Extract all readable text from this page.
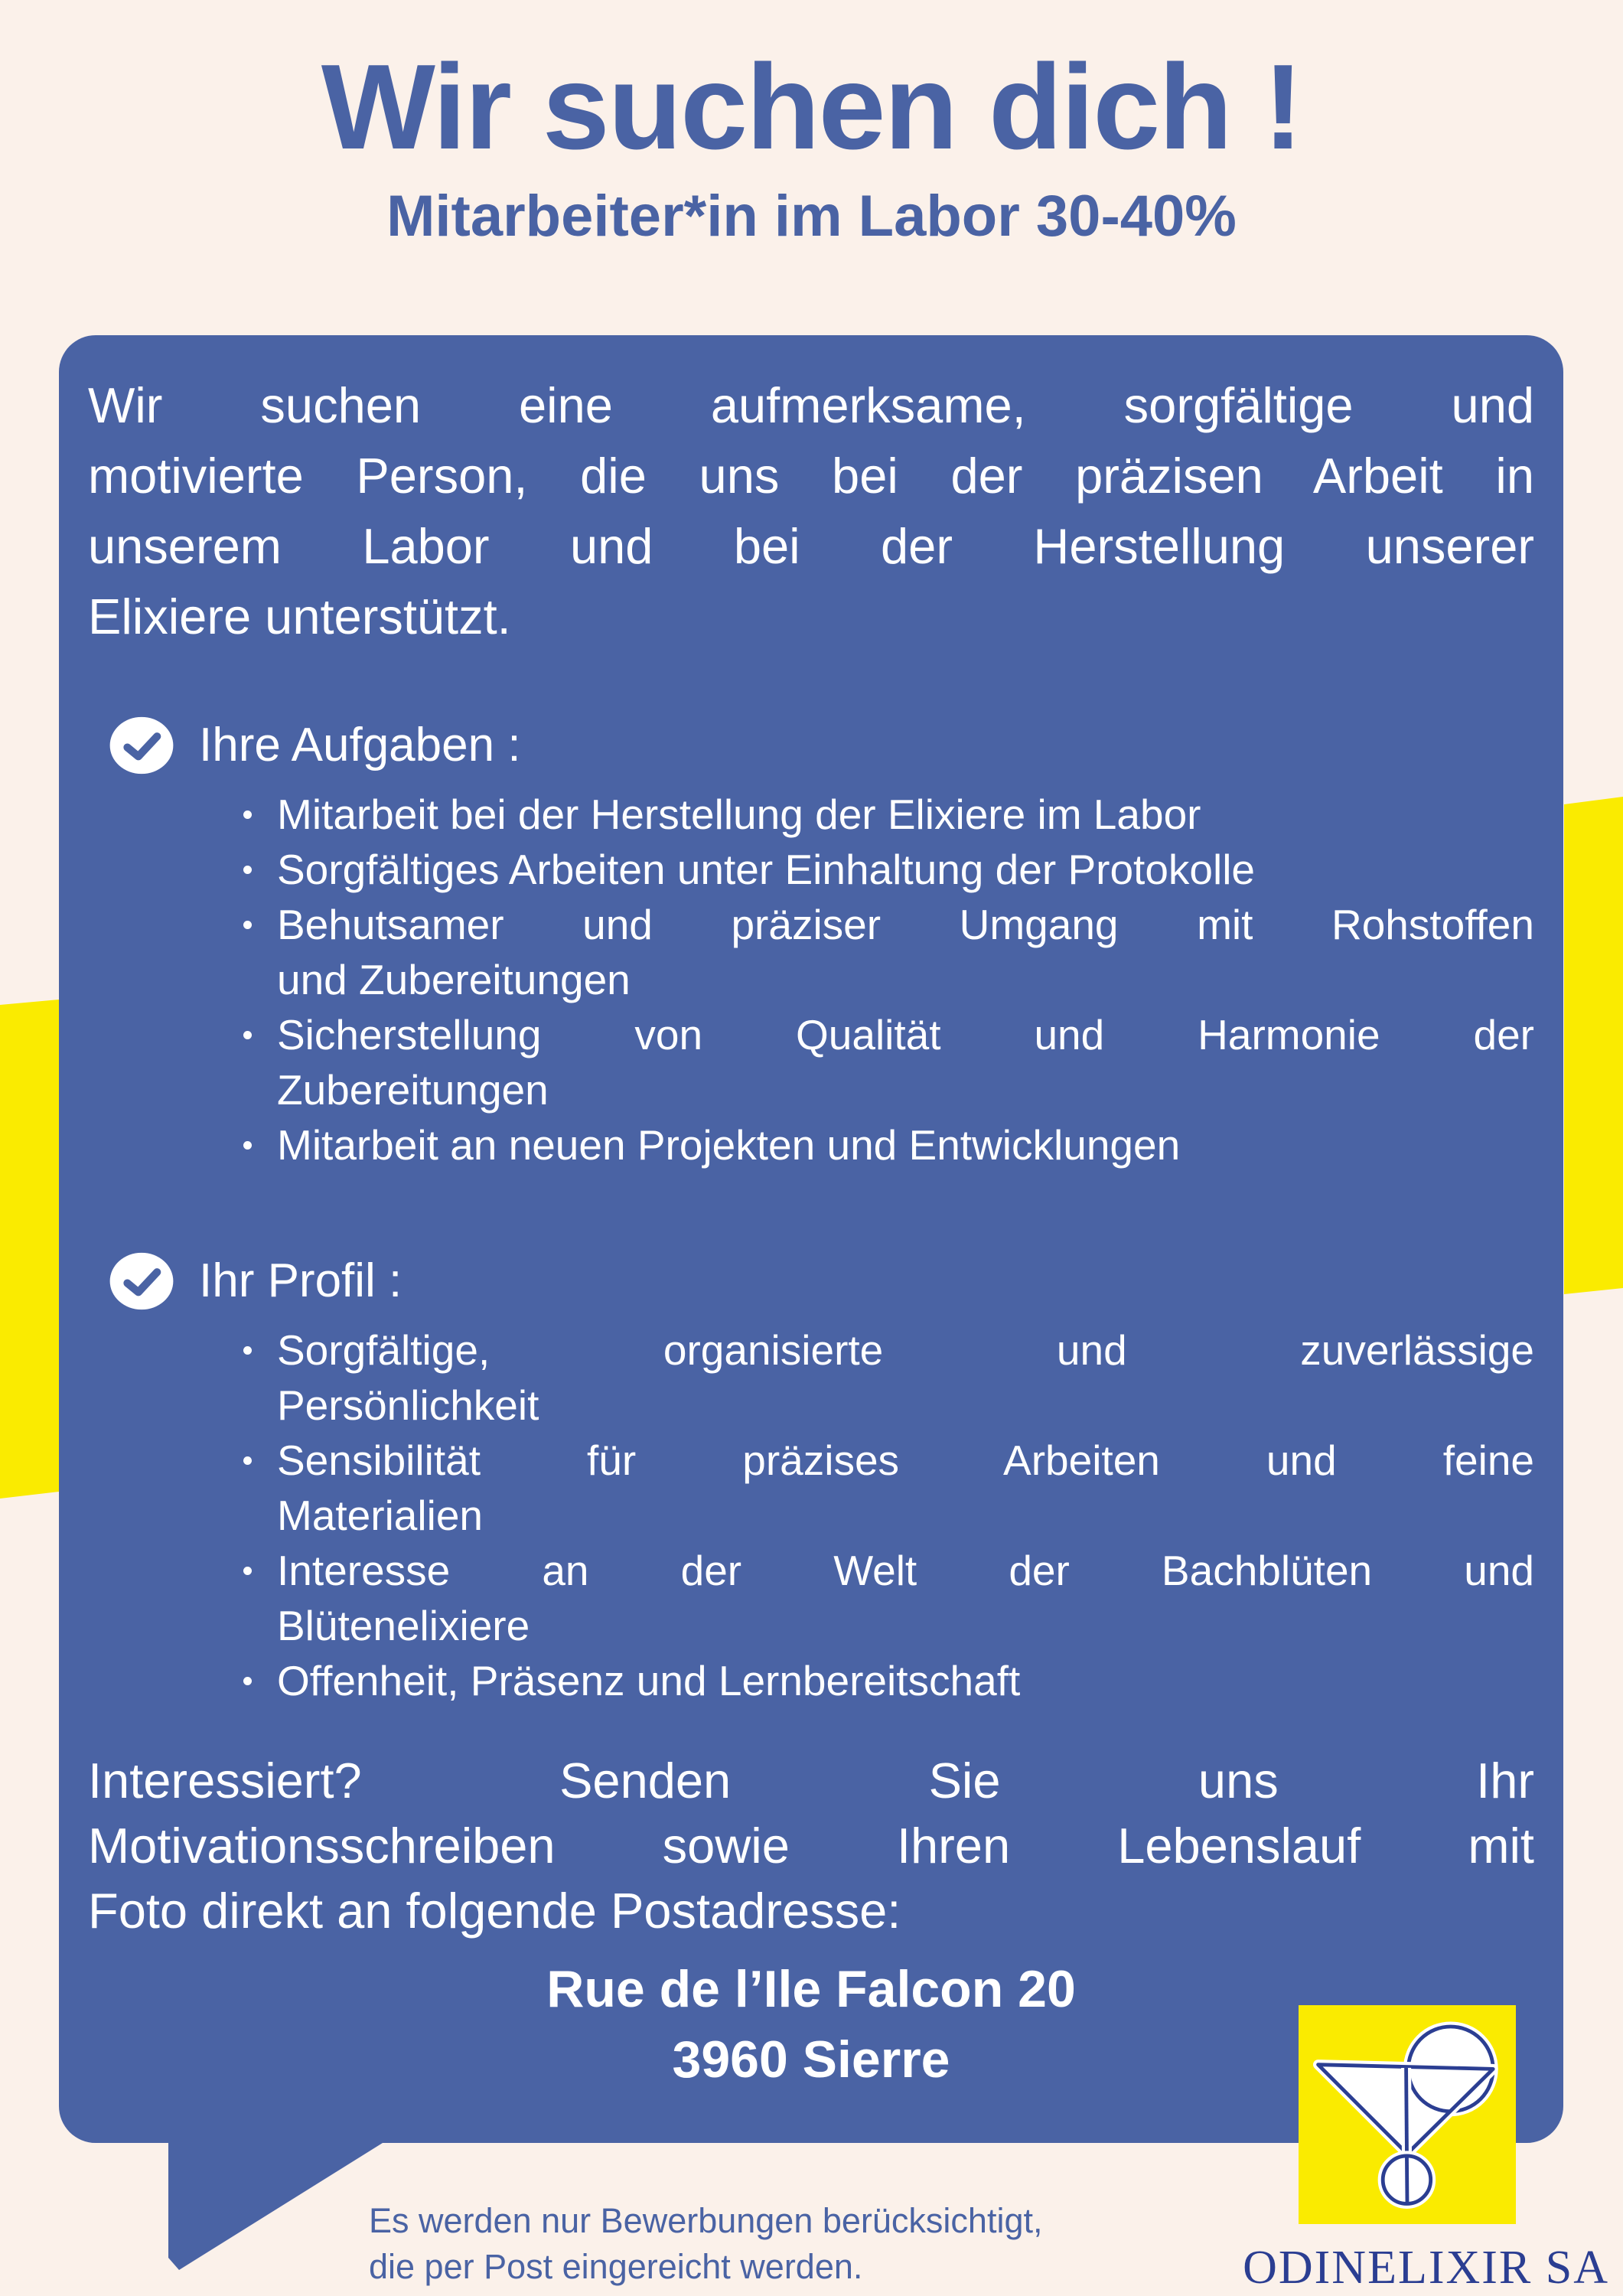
Wir suchen dich !
Mitarbeiter*in im Labor 30-40%
Wir suchen eine aufmerksame, sorgfältige und
motivierte Person, die uns bei der präzisen Arbeit in
unserem Labor und bei der Herstellung unserer
Elixiere unterstützt.
Ihre Aufgaben :
Mitarbeit bei der Herstellung der Elixiere im Labor
Sorgfältiges Arbeiten unter Einhaltung der Protokolle
Behutsamer und präziser Umgang mit Rohstoffen
und Zubereitungen
Sicherstellung von Qualität und Harmonie der
Zubereitungen
Mitarbeit an neuen Projekten und Entwicklungen
Ihr Profil :
Sorgfältige, organisierte und zuverlässige
Persönlichkeit
Sensibilität für präzises Arbeiten und feine
Materialien
Interesse an der Welt der Bachblüten und
Blütenelixiere
Offenheit, Präsenz und Lernbereitschaft
Interessiert? Senden Sie uns Ihr
Motivationsschreiben sowie Ihren Lebenslauf mit
Foto direkt an folgende Postadresse:
Rue de l’Ile Falcon 20
3960 Sierre
ODINELIXIR SA
Es werden nur Bewerbungen berücksichtigt,
die per Post eingereicht werden.
